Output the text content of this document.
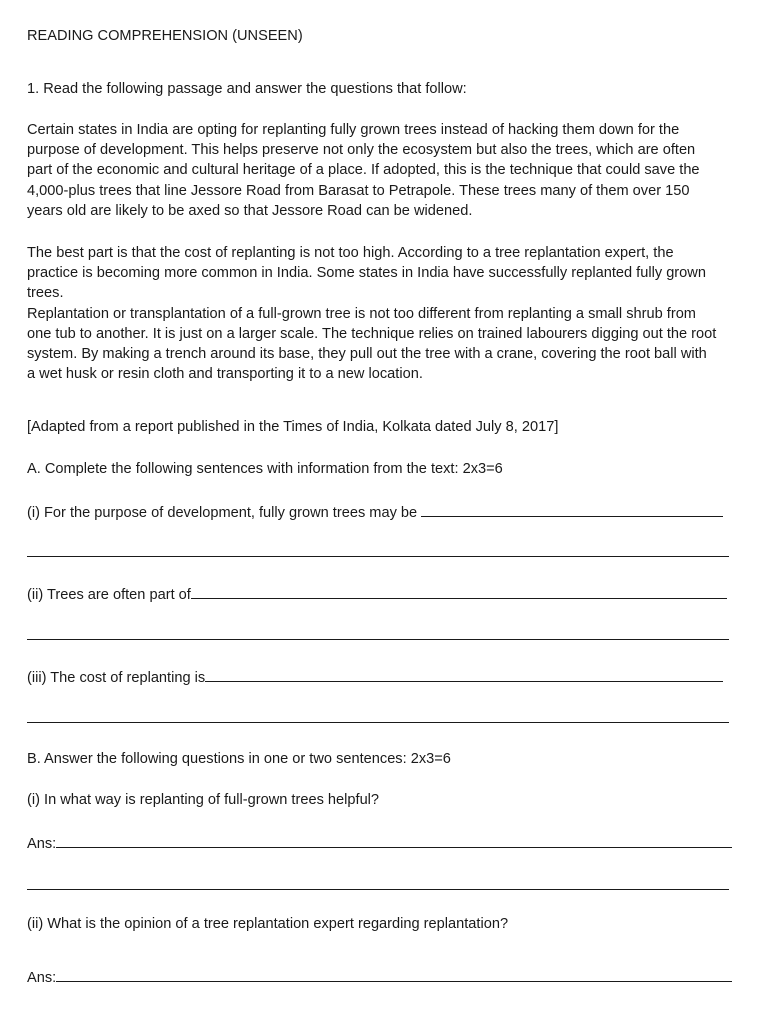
READING COMPREHENSION (UNSEEN)
1. Read the following passage and answer the questions that follow:
Certain states in India are opting for replanting fully grown trees instead of hacking them down for the
purpose of development. This helps preserve not only the ecosystem but also the trees, which are often
part of the economic and cultural heritage of a place. If adopted, this is the technique that could save the
4,000-plus trees that line Jessore Road from Barasat to Petrapole. These trees many of them over 150
years old are likely to be axed so that Jessore Road can be widened.
The best part is that the cost of replanting is not too high. According to a tree replantation expert, the
practice is becoming more common in India. Some states in India have successfully replanted fully grown
trees.
Replantation or transplantation of a full-grown tree is not too different from replanting a small shrub from
one tub to another. It is just on a larger scale. The technique relies on trained labourers digging out the root
system. By making a trench around its base, they pull out the tree with a crane, covering the root ball with
a wet husk or resin cloth and transporting it to a new location.
[Adapted from a report published in the Times of India, Kolkata dated July 8, 2017]
A. Complete the following sentences with information from the text: 2x3=6
(i) For the purpose of development, fully grown trees may be
(ii) Trees are often part of
(iii) The cost of replanting is
B. Answer the following questions in one or two sentences: 2x3=6
(i) In what way is replanting of full-grown trees helpful?
Ans:
(ii) What is the opinion of a tree replantation expert regarding replantation?
Ans:
